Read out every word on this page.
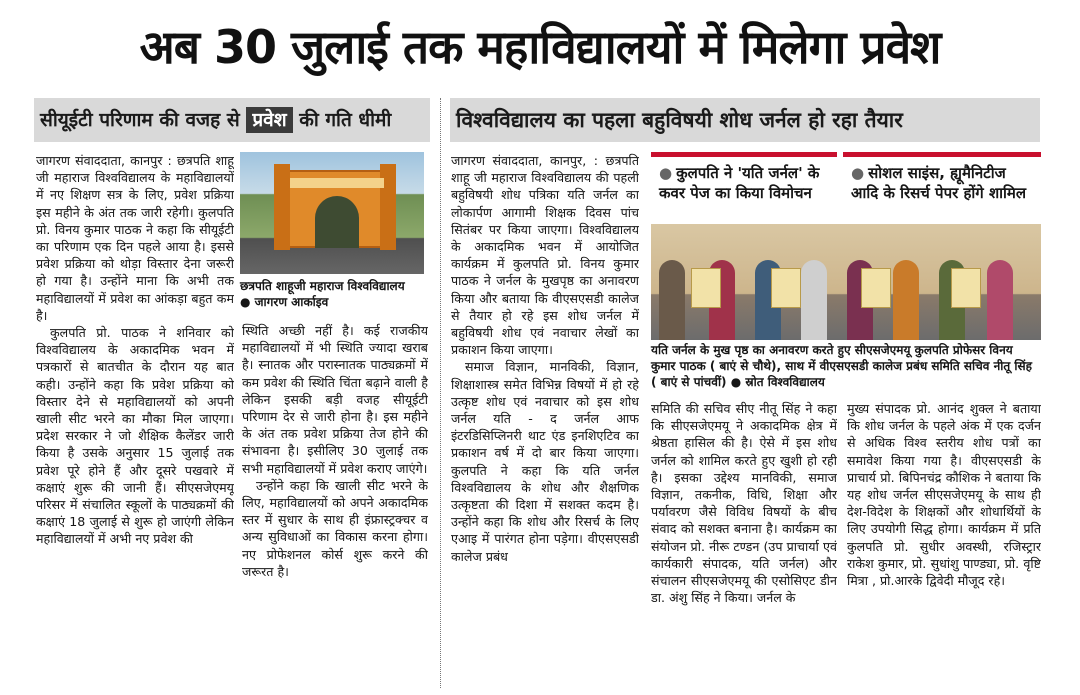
अब 30 जुलाई तक महाविद्यालयों में मिलेगा प्रवेश
सीयूईटी परिणाम की वजह से प्रवेश की गति धीमी	विश्वविद्यालय का पहला बहुविषयी शोध जर्नल हो रहा तैयार

जागरण संवाददाता, कानपुर : छत्रपति शाहू जी महाराज विश्वविद्यालय के महाविद्यालयों में नए शिक्षण सत्र के लिए, प्रवेश प्रक्रिया इस महीने के अंत तक जारी रहेगी। कुलपति प्रो. विनय कुमार पाठक ने कहा कि सीयूईटी का परिणाम एक दिन पहले आया है। इससे प्रवेश प्रक्रिया को थोड़ा विस्तार देना जरूरी हो गया है। उन्होंने माना कि अभी तक महाविद्यालयों में प्रवेश का आंकड़ा बहुत कम है।

कुलपति प्रो. पाठक ने शनिवार को विश्वविद्यालय के अकादमिक भवन में पत्रकारों से बातचीत के दौरान यह बात कही। उन्होंने कहा कि प्रवेश प्रक्रिया को विस्तार देने से महाविद्यालयों को अपनी खाली सीट भरने का मौका मिल जाएगा। प्रदेश सरकार ने जो शैक्षिक कैलेंडर जारी किया है उसके अनुसार 15 जुलाई तक प्रवेश पूरे होने हैं और दूसरे पखवारे में कक्षाएं शुरू की जानी हैं। सीएसजेएमयू परिसर में संचालित स्कूलों के पाठ्यक्रमों की कक्षाएं 18 जुलाई से शुरू हो जाएंगी लेकिन महाविद्यालयों में अभी नए प्रवेश की

छत्रपति शाहूजी महाराज विश्वविद्यालय
● जागरण आर्काइव

स्थिति अच्छी नहीं है। कई राजकीय महाविद्यालयों में भी स्थिति ज्यादा खराब है। स्नातक और परास्नातक पाठ्यक्रमों में कम प्रवेश की स्थिति चिंता बढ़ाने वाली है लेकिन इसकी बड़ी वजह सीयूईटी परिणाम देर से जारी होना है। इस महीने के अंत तक प्रवेश प्रक्रिया तेज होने की संभावना है। इसीलिए 30 जुलाई तक सभी महाविद्यालयों में प्रवेश कराए जाएंगे।

उन्होंने कहा कि खाली सीट भरने के लिए, महाविद्यालयों को अपने अकादमिक स्तर में सुधार के साथ ही इंफ्रास्ट्रक्चर व अन्य सुविधाओं का विकास करना होगा। नए प्रोफेशनल कोर्स शुरू करने की जरूरत है।

जागरण संवाददाता, कानपुर, : छत्रपति शाहू जी महाराज विश्वविद्यालय की पहली बहुविषयी शोध पत्रिका यति जर्नल का लोकार्पण आगामी शिक्षक दिवस पांच सितंबर पर किया जाएगा। विश्वविद्यालय के अकादमिक भवन में आयोजित कार्यक्रम में कुलपति प्रो. विनय कुमार पाठक ने जर्नल के मुखपृष्ठ का अनावरण किया और बताया कि वीएसएसडी कालेज से तैयार हो रहे इस शोध जर्नल में बहुविषयी शोध एवं नवाचार लेखों का प्रकाशन किया जाएगा।

समाज विज्ञान, मानविकी, विज्ञान, शिक्षाशास्त्र समेत विभिन्न विषयों में हो रहे उत्कृष्ट शोध एवं नवाचार को इस शोध जर्नल यति - द जर्नल आफ इंटरडिसिप्लिनरी थाट एंड इनशिएटिव का प्रकाशन वर्ष में दो बार किया जाएगा। कुलपति ने कहा कि यति जर्नल विश्वविद्यालय के शोध और शैक्षणिक उत्कृष्टता की दिशा में सशक्त कदम है। उन्होंने कहा कि शोध और रिसर्च के लिए एआइ में पारंगत होना पड़ेगा। वीएसएसडी कालेज प्रबंध

● कुलपति ने 'यति जर्नल' के कवर पेज का किया विमोचन
● सोशल साइंस, ह्यूमैनिटीज आदि के रिसर्च पेपर होंगे शामिल
यति जर्नल के मुख पृष्ठ का अनावरण करते हुए सीएसजेएमयू कुलपति प्रोफेसर विनय कुमार पाठक ( बाएं से चौथे), साथ में वीएसएसडी कालेज प्रबंध समिति सचिव नीतू सिंह ( बाएं से पांचवीं) ● स्रोत विश्वविद्यालय

समिति की सचिव सीए नीतू सिंह ने कहा कि सीएसजेएमयू ने अकादमिक क्षेत्र में श्रेष्ठता हासिल की है। ऐसे में इस शोध जर्नल को शामिल करते हुए खुशी हो रही है। इसका उद्देश्य मानविकी, समाज विज्ञान, तकनीक, विधि, शिक्षा और पर्यावरण जैसे विविध विषयों के बीच संवाद को सशक्त बनाना है। कार्यक्रम का संयोजन प्रो. नीरू टण्डन (उप प्राचार्या एवं कार्यकारी संपादक, यति जर्नल) और संचालन सीएसजेएमयू की एसोसिएट डीन डा. अंशु सिंह ने किया। जर्नल के

मुख्य संपादक प्रो. आनंद शुक्ल ने बताया कि शोध जर्नल के पहले अंक में एक दर्जन से अधिक विश्व स्तरीय शोध पत्रों का समावेश किया गया है। वीएसएसडी के प्राचार्य प्रो. बिपिनचंद्र कौशिक ने बताया कि यह शोध जर्नल सीएसजेएमयू के साथ ही देश-विदेश के शिक्षकों और शोधार्थियों के लिए उपयोगी सिद्ध होगा। कार्यक्रम में प्रति कुलपति प्रो. सुधीर अवस्थी, रजिस्ट्रार राकेश कुमार, प्रो. सुधांशु पाण्ड्या, प्रो. वृष्टि मित्रा , प्रो.आरके द्विवेदी मौजूद रहे।
